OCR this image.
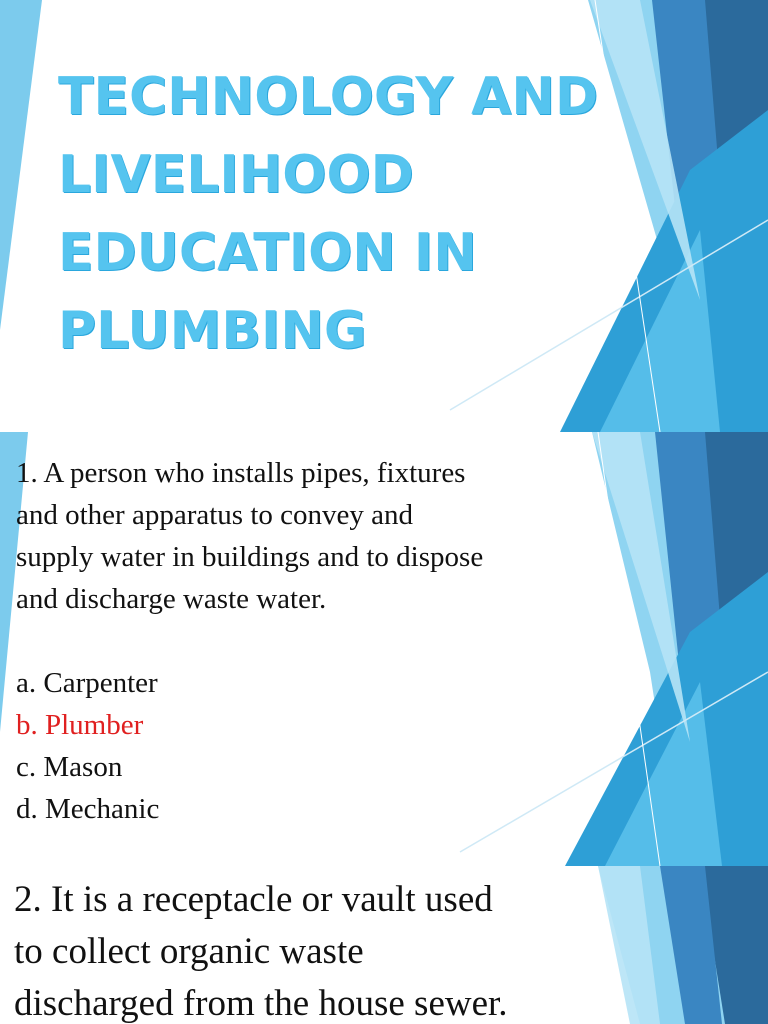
TECHNOLOGY AND
LIVELIHOOD
EDUCATION IN
PLUMBING
1. A person who installs pipes, fixtures
and other apparatus to convey and
supply water in buildings and to dispose
and discharge waste water.
a. Carpenter
b. Plumber
c. Mason
d. Mechanic
2. It is a receptacle or vault used
to collect organic waste
discharged from the house sewer.
